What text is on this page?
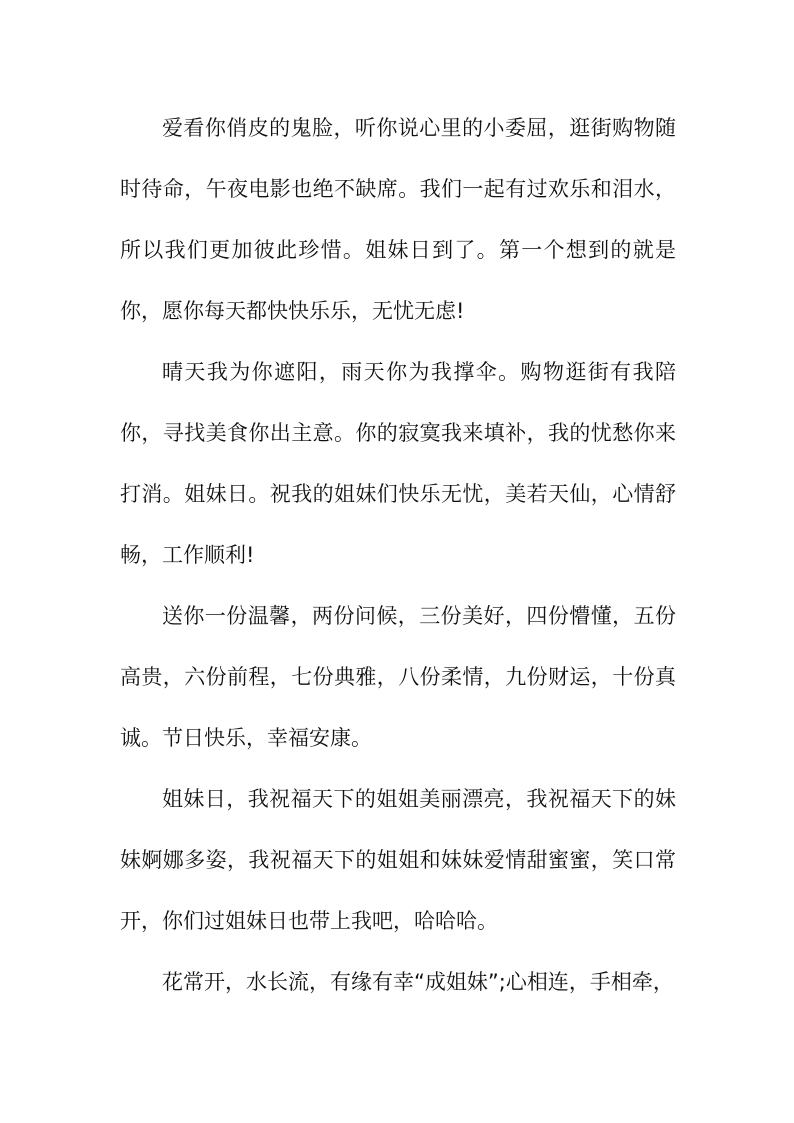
爱看你俏皮的鬼脸，听你说心里的小委屈，逛街购物随时待命，午夜电影也绝不缺席。我们一起有过欢乐和泪水，所以我们更加彼此珍惜。姐妹日到了。第一个想到的就是你，愿你每天都快快乐乐，无忧无虑!

晴天我为你遮阳，雨天你为我撑伞。购物逛街有我陪你，寻找美食你出主意。你的寂寞我来填补，我的忧愁你来打消。姐妹日。祝我的姐妹们快乐无忧，美若天仙，心情舒畅，工作顺利!

送你一份温馨，两份问候，三份美好，四份懵懂，五份高贵，六份前程，七份典雅，八份柔情，九份财运，十份真诚。节日快乐，幸福安康。

姐妹日，我祝福天下的姐姐美丽漂亮，我祝福天下的妹妹婀娜多姿，我祝福天下的姐姐和妹妹爱情甜蜜蜜，笑口常开，你们过姐妹日也带上我吧，哈哈哈。

花常开，水长流，有缘有幸“成姐妹”;心相连，手相牵，
